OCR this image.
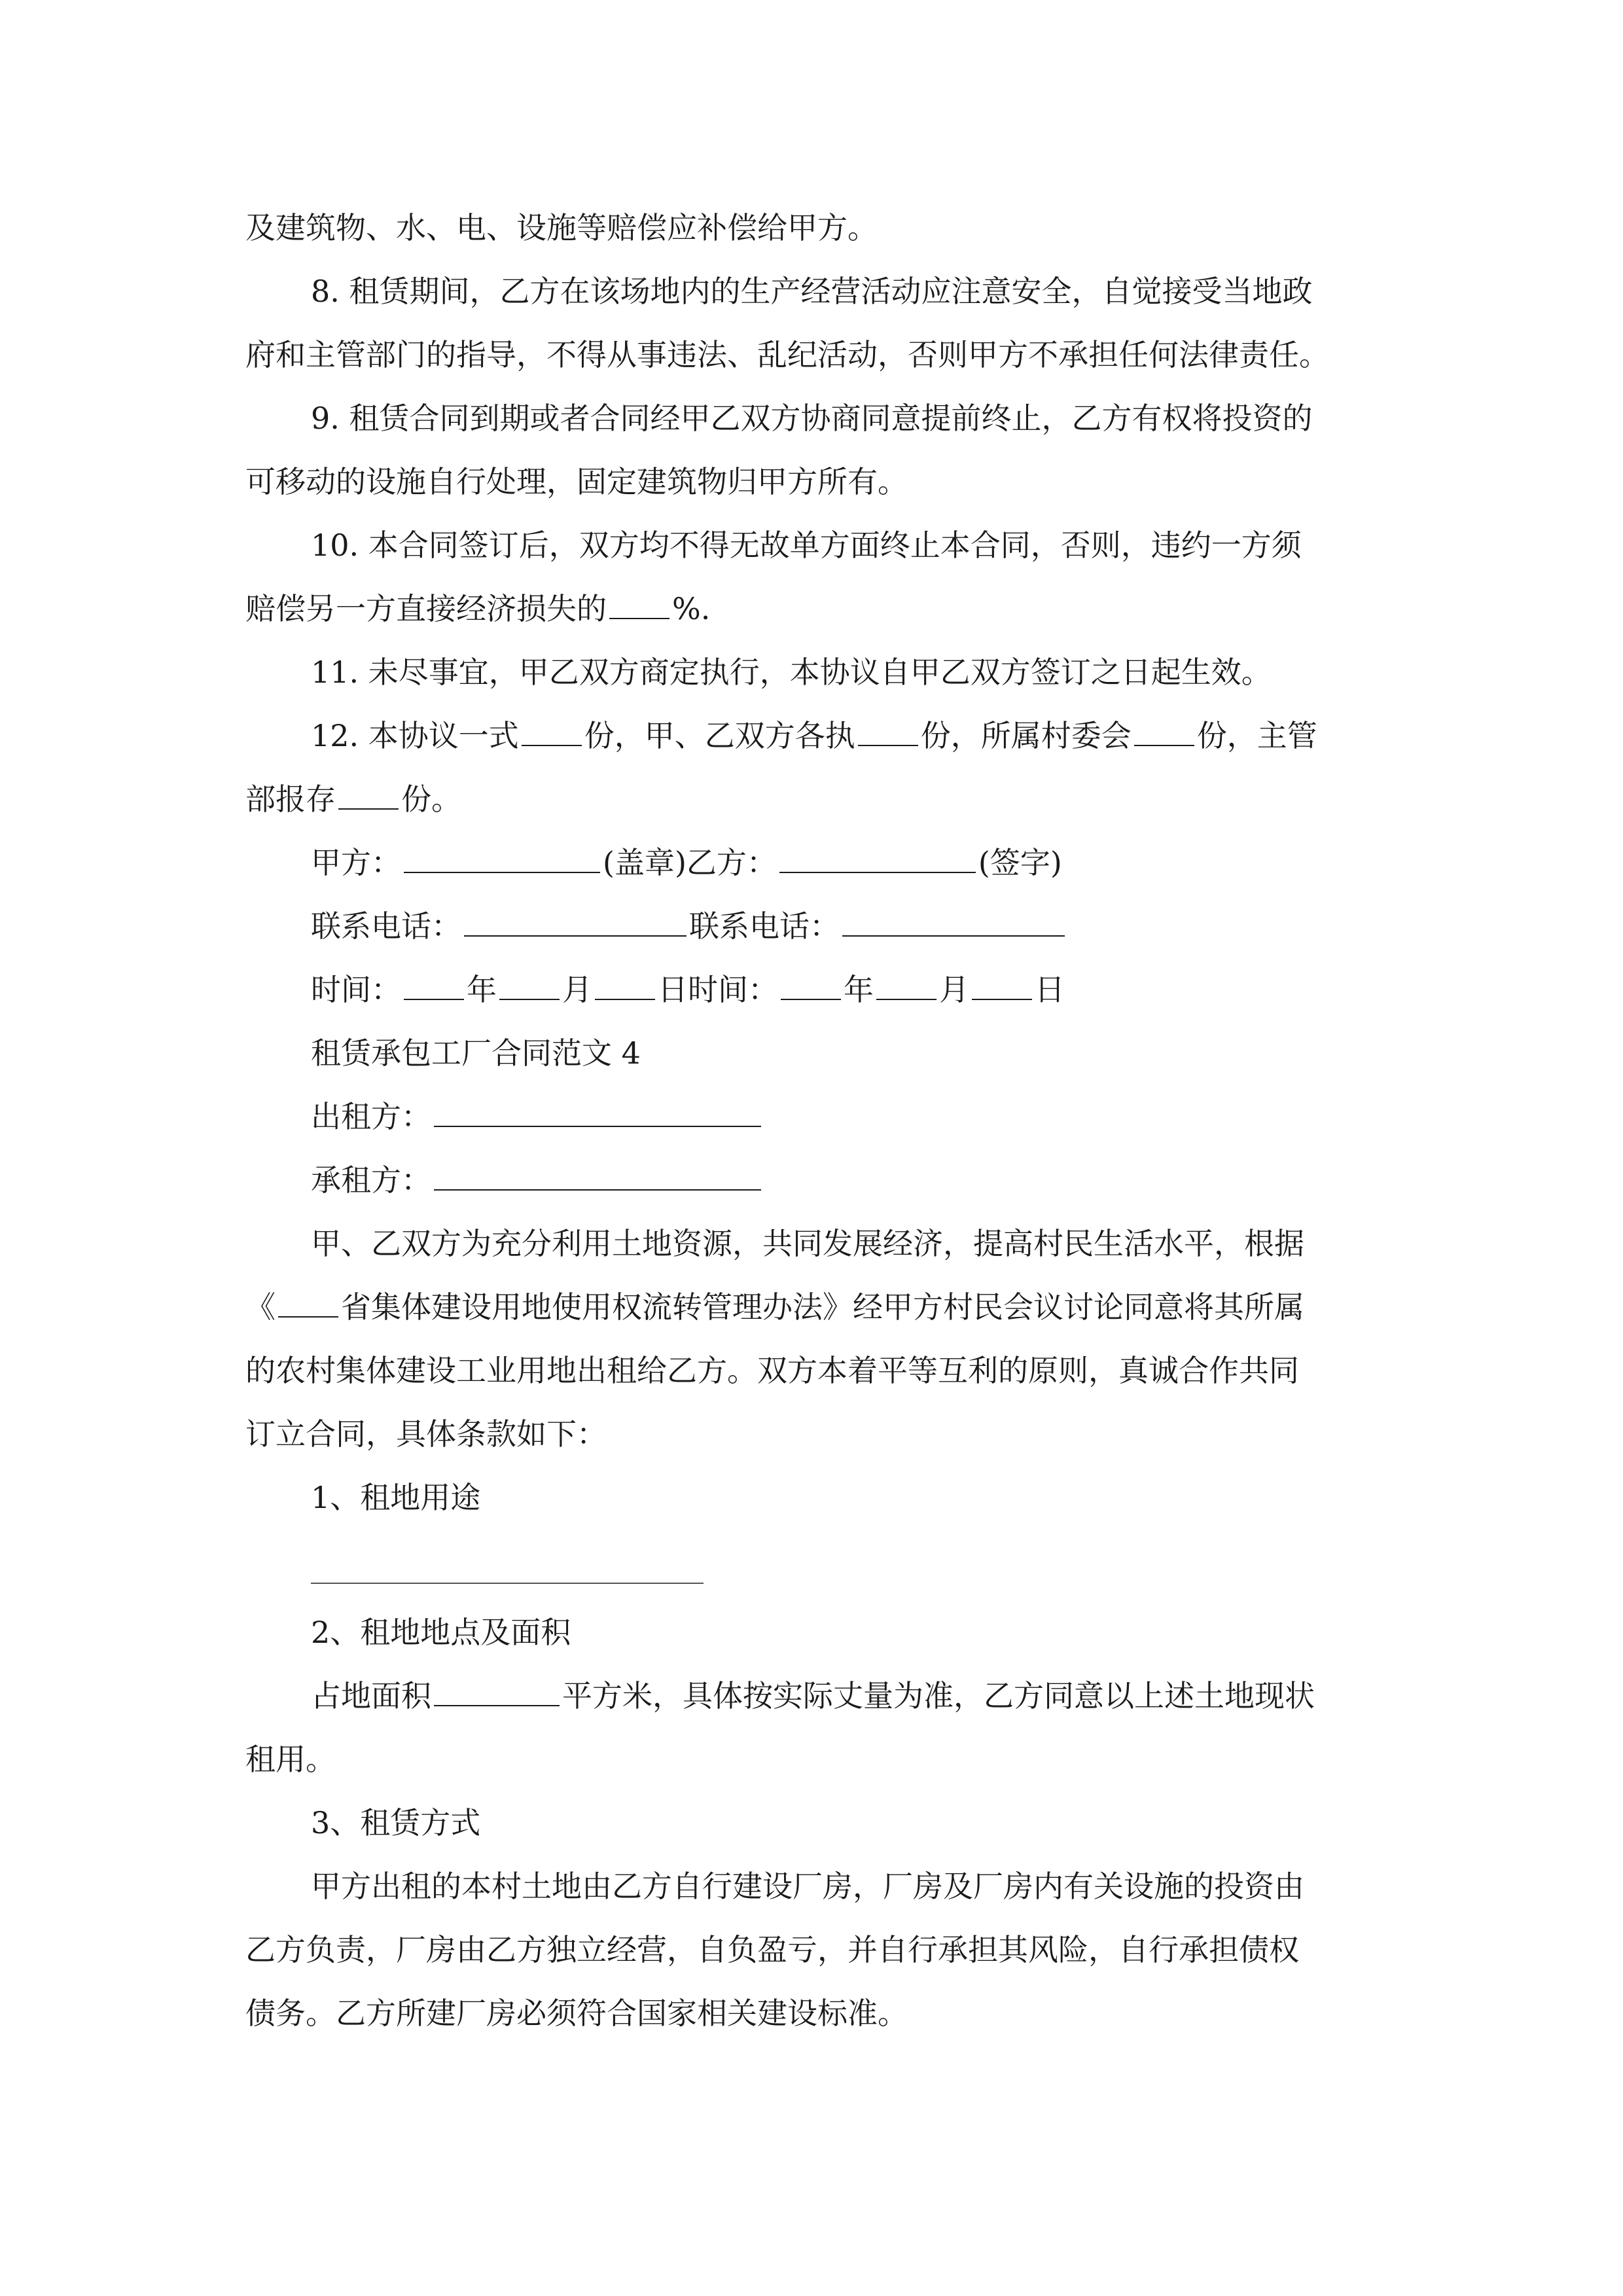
及建筑物、水、电、设施等赔偿应补偿给甲方。
8. 租赁期间，乙方在该场地内的生产经营活动应注意安全，自觉接受当地政
府和主管部门的指导，不得从事违法、乱纪活动，否则甲方不承担任何法律责任。
9. 租赁合同到期或者合同经甲乙双方协商同意提前终止，乙方有权将投资的
可移动的设施自行处理，固定建筑物归甲方所有。
10. 本合同签订后，双方均不得无故单方面终止本合同，否则，违约一方须
赔偿另一方直接经济损失的 %.
11. 未尽事宜，甲乙双方商定执行，本协议自甲乙双方签订之日起生效。
12. 本协议一式 份，甲、乙双方各执 份，所属村委会 份，主管
部报存 份。
甲方：	(盖章)乙方：	(签字)
联系电话：	联系电话：
时间： 年 月 日时间： 年 月 日
租赁承包工厂合同范文 4
出租方：
承租方：
甲、乙双方为充分利用土地资源，共同发展经济，提高村民生活水平，根据
《 省集体建设用地使用权流转管理办法》经甲方村民会议讨论同意将其所属
的农村集体建设工业用地出租给乙方。双方本着平等互利的原则，真诚合作共同
订立合同，具体条款如下：
1、租地用途
2、租地地点及面积
占地面积	平方米，具体按实际丈量为准，乙方同意以上述土地现状
租用。
3、租赁方式
甲方出租的本村土地由乙方自行建设厂房，厂房及厂房内有关设施的投资由
乙方负责，厂房由乙方独立经营，自负盈亏，并自行承担其风险，自行承担债权
债务。乙方所建厂房必须符合国家相关建设标准。
